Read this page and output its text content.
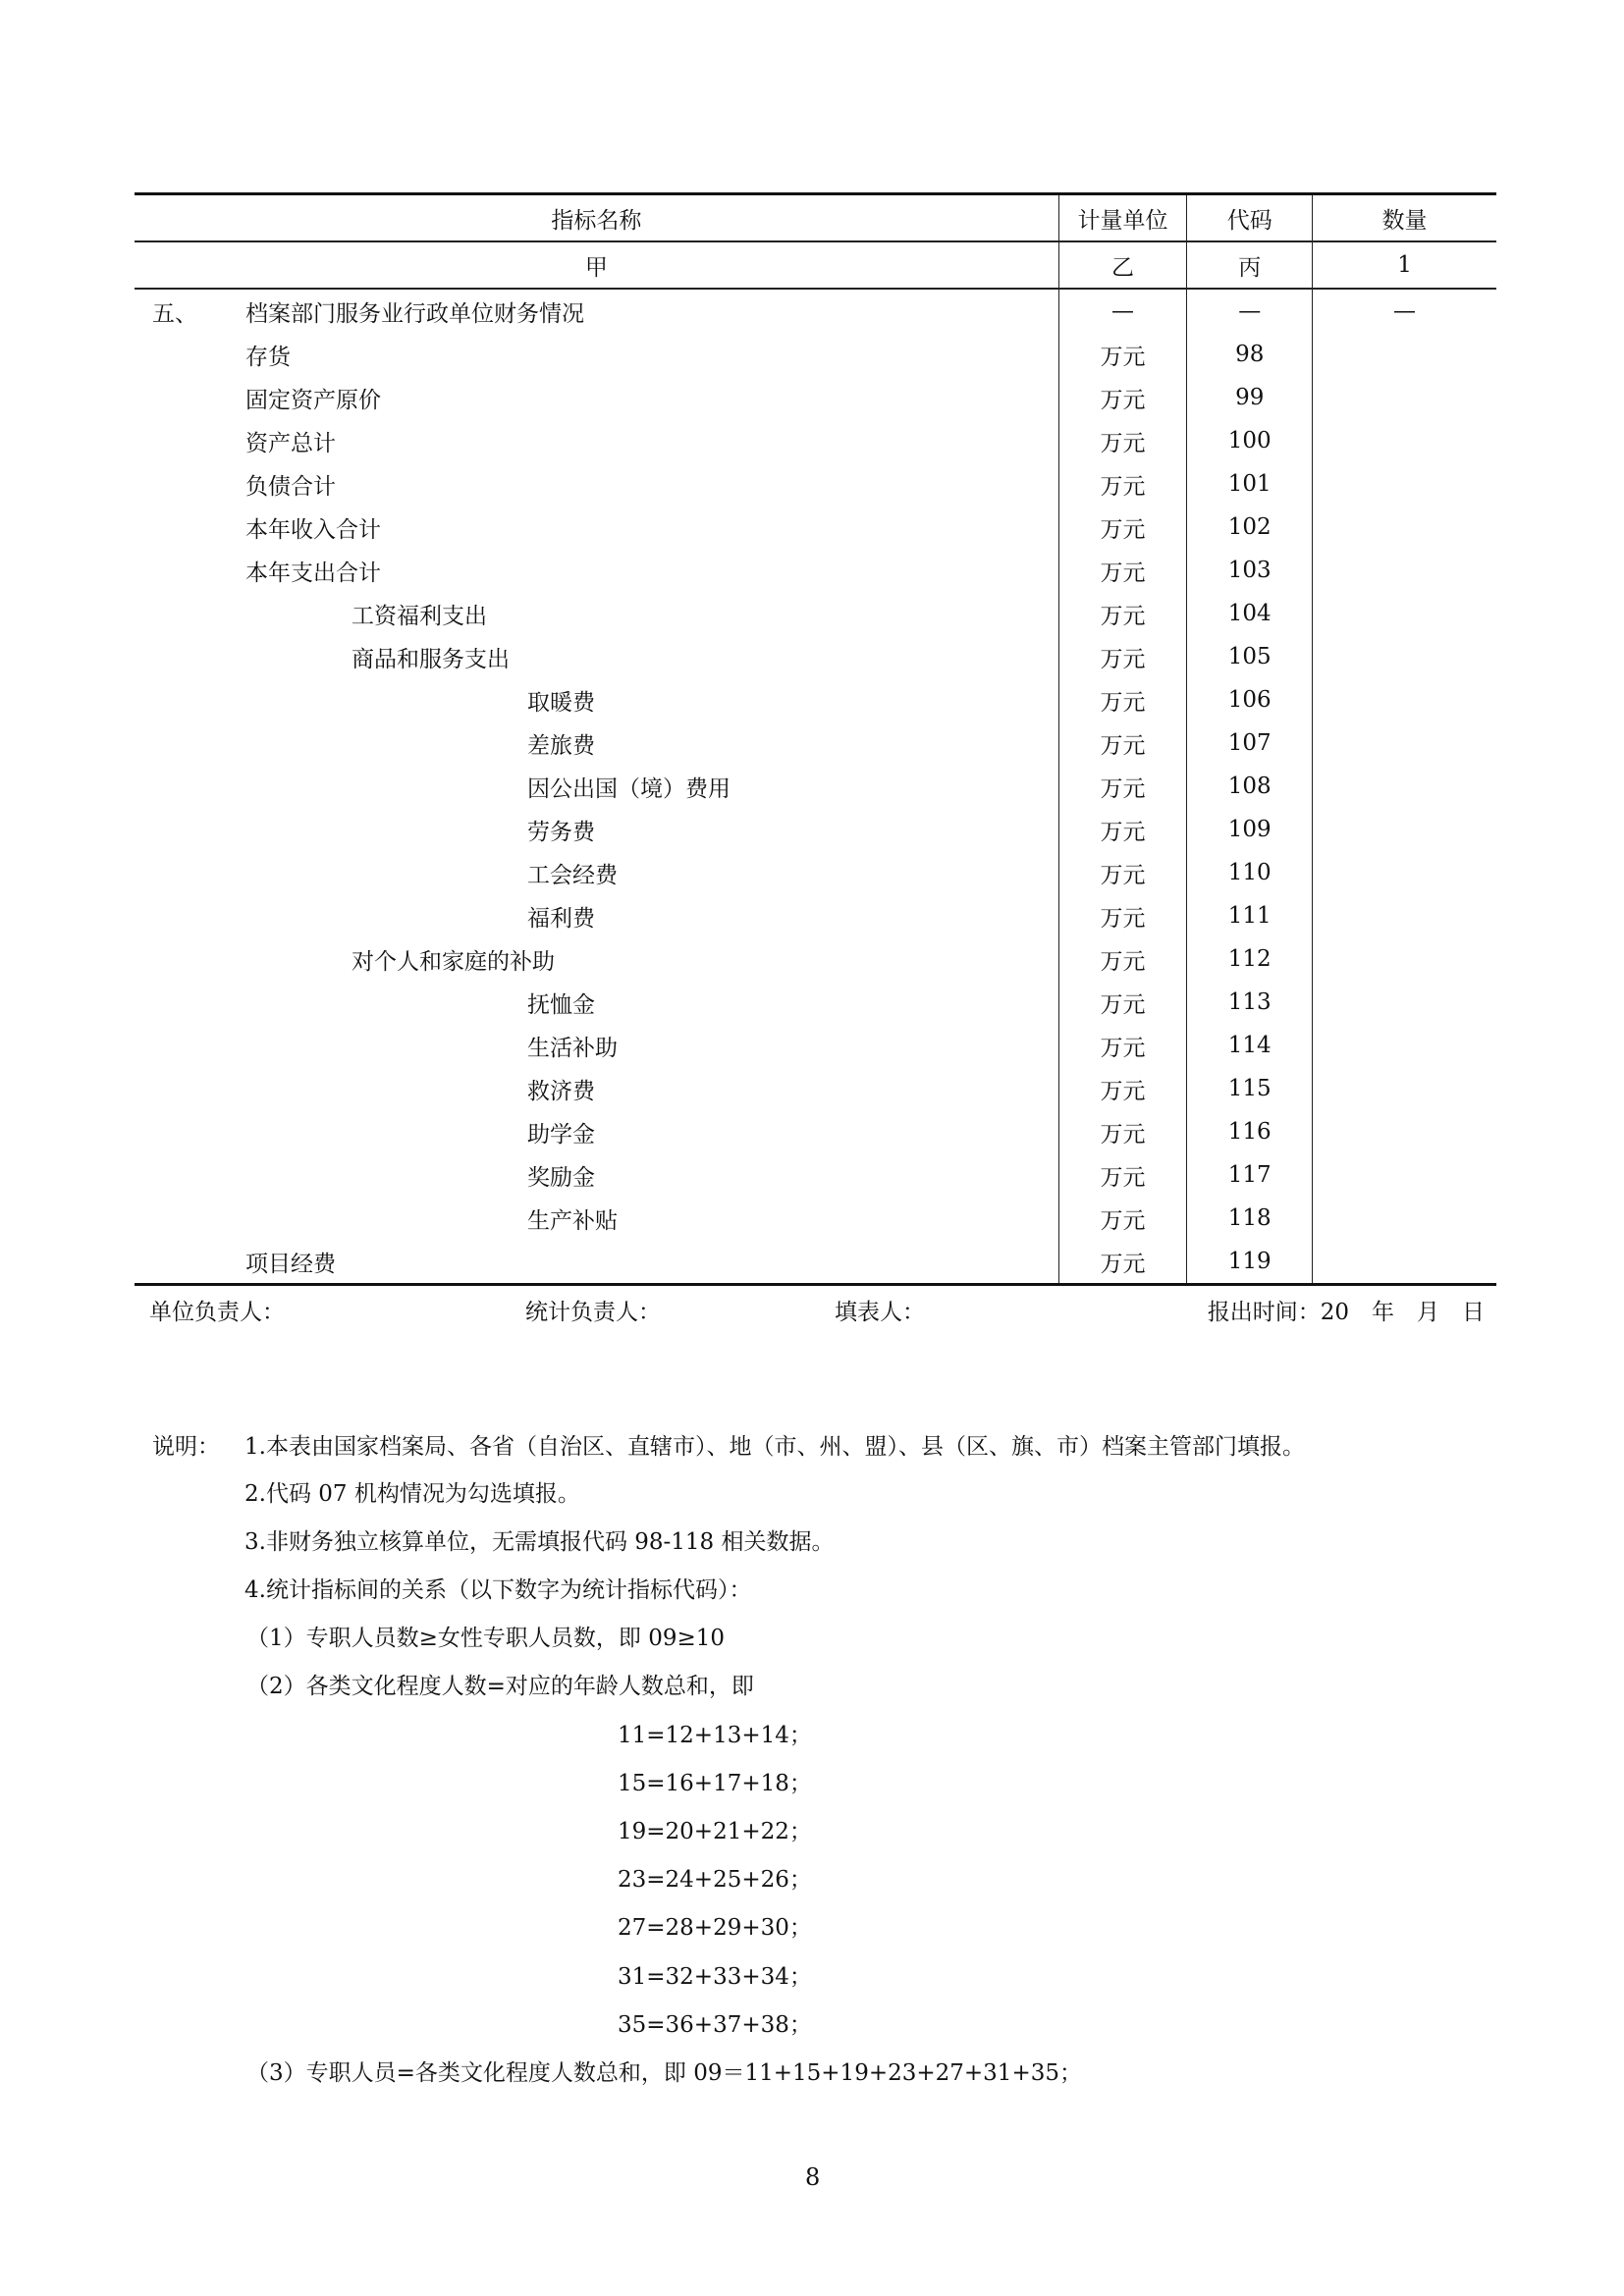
指标名称	计量单位	代码	数量
甲	乙	丙	1

五、 档案部门服务业行政单位财务情况	—	—	—
存货	万元	98	
固定资产原价	万元	99	
资产总计	万元	100	
负债合计	万元	101	
本年收入合计	万元	102	
本年支出合计	万元	103	
工资福利支出	万元	104	
商品和服务支出	万元	105	
取暖费	万元	106	
差旅费	万元	107	
因公出国（境）费用	万元	108	
劳务费	万元	109	
工会经费	万元	110	
福利费	万元	111	
对个人和家庭的补助	万元	112	
抚恤金	万元	113	
生活补助	万元	114	
救济费	万元	115	
助学金	万元	116	
奖励金	万元	117	
生产补贴	万元	118	
项目经费	万元	119	
单位负责人：	统计负责人：	填表人：	报出时间：20　年　月　日
说明： 1.本表由国家档案局、各省（自治区、直辖市）、地（市、州、盟）、县（区、旗、市）档案主管部门填报。
2.代码 07 机构情况为勾选填报。
3.非财务独立核算单位，无需填报代码 98-118 相关数据。
4.统计指标间的关系（以下数字为统计指标代码）：
（1）专职人员数≥女性专职人员数，即 09≥10
（2）各类文化程度人数=对应的年龄人数总和，即
11=12+13+14；
15=16+17+18；
19=20+21+22；
23=24+25+26；
27=28+29+30；
31=32+33+34；
35=36+37+38；
（3）专职人员=各类文化程度人数总和，即 09＝11+15+19+23+27+31+35；
8
